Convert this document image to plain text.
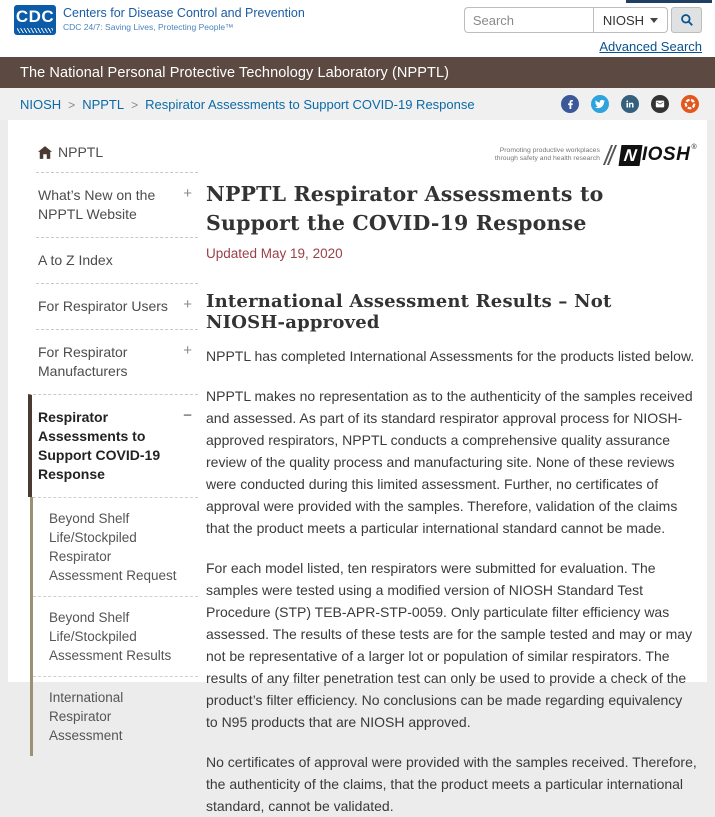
CDC Centers for Disease Control and Prevention
CDC 24/7: Saving Lives, Protecting People™
Search	NIOSH
Advanced Search
The National Personal Protective Technology Laboratory (NPPTL)
NIOSH > NPPTL > Respirator Assessments to Support COVID-19 Response
NPPTL
What’s New on the NPPTL Website
+
A to Z Index
For Respirator Users +
For Respirator Manufacturers
+
Respirator Assessments to Support COVID-19 Response
−
Beyond Shelf Life/Stockpiled Respirator Assessment Request
Beyond Shelf Life/Stockpiled Assessment Results
International Respirator Assessment
Promoting productive workplaces
through safety and health research N IOSH®
NPPTL Respirator Assessments to Support the COVID-19 Response
Updated May 19, 2020
International Assessment Results – Not NIOSH-approved

NPPTL has completed International Assessments for the products listed below.

NPPTL makes no representation as to the authenticity of the samples received and assessed. As part of its standard respirator approval process for NIOSH-approved respirators, NPPTL conducts a comprehensive quality assurance review of the quality process and manufacturing site. None of these reviews were conducted during this limited assessment. Further, no certificates of approval were provided with the samples. Therefore, validation of the claims that the product meets a particular international standard cannot be made.

For each model listed, ten respirators were submitted for evaluation. The samples were tested using a modified version of NIOSH Standard Test Procedure (STP) TEB-APR-STP-0059. Only particulate filter efficiency was assessed. The results of these tests are for the sample tested and may or may not be representative of a larger lot or population of similar respirators. The results of any filter penetration test can only be used to provide a check of the product’s filter efficiency. No conclusions can be made regarding equivalency to N95 products that are NIOSH approved.

No certificates of approval were provided with the samples received. Therefore, the authenticity of the claims, that the product meets a particular international standard, cannot be validated.
